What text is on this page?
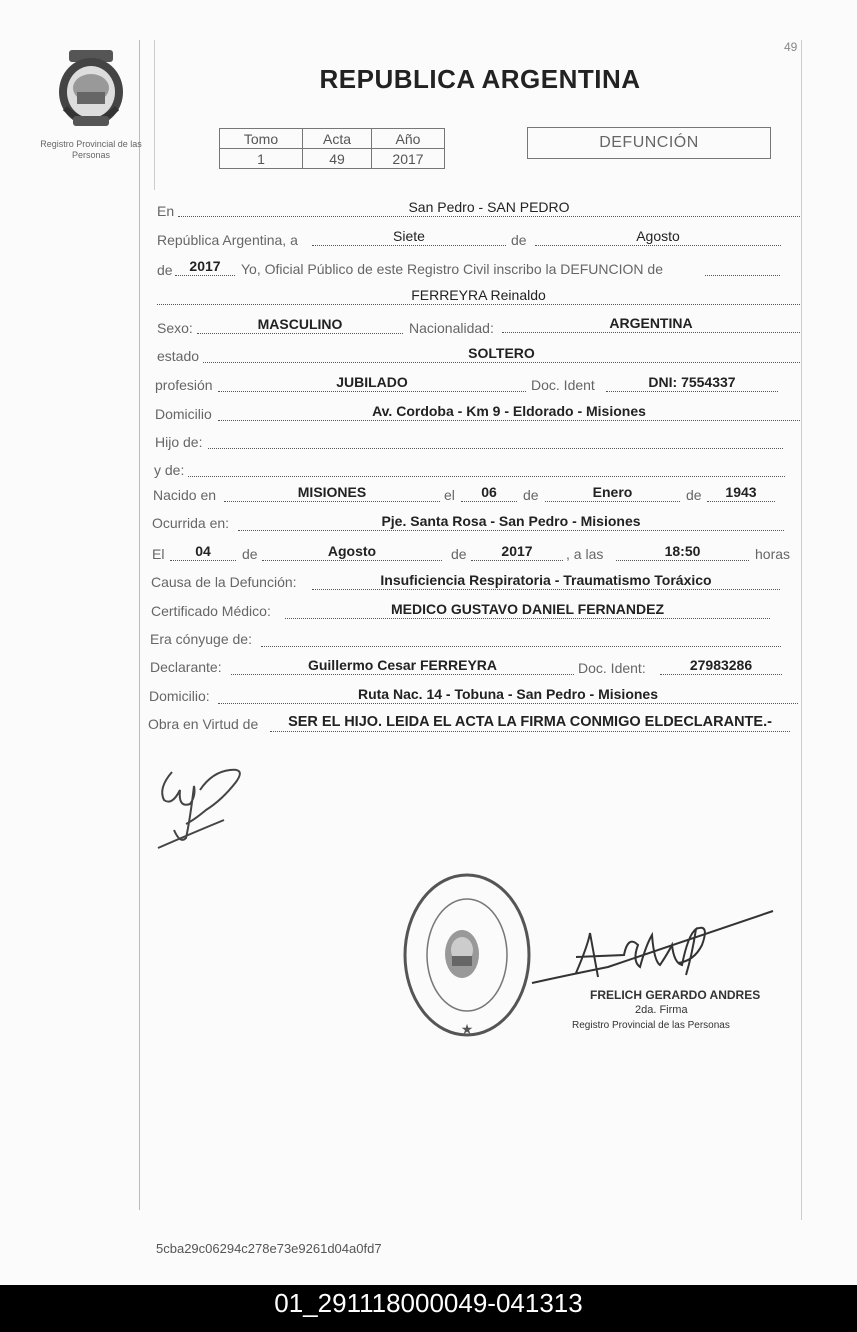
49
Registro Provincial de las Personas
REPUBLICA ARGENTINA
Tomo	Acta	Año
1	49	2017
DEFUNCIÓN
En	San Pedro - SAN PEDRO
República Argentina, a	Siete	de	Agosto
de	2017	Yo, Oficial Público de este Registro Civil inscribo la DEFUNCION de
FERREYRA Reinaldo
Sexo:	MASCULINO	Nacionalidad:	ARGENTINA
estado	SOLTERO
profesión	JUBILADO	Doc. Ident	DNI: 7554337
Domicilio	Av. Cordoba - Km 9 - Eldorado - Misiones
Hijo de:
y de:
Nacido en	MISIONES	el	06	de	Enero	de	1943
Ocurrida en:	Pje. Santa Rosa - San Pedro - Misiones
El	04	de	Agosto	de	2017	, a las	18:50	horas
Causa de la Defunción:	Insuficiencia Respiratoria - Traumatismo Toráxico
Certificado Médico:	MEDICO GUSTAVO DANIEL FERNANDEZ
Era cónyuge de:
Declarante:	Guillermo Cesar FERREYRA	Doc. Ident:	27983286
Domicilio:	Ruta Nac. 14 - Tobuna - San Pedro - Misiones
Obra en Virtud de	SER EL HIJO. LEIDA EL ACTA LA FIRMA CONMIGO ELDECLARANTE.-
★
FRELICH GERARDO ANDRES
2da. Firma
Registro Provincial de las Personas
5cba29c06294c278e73e9261d04a0fd7
01_291118000049-041313
